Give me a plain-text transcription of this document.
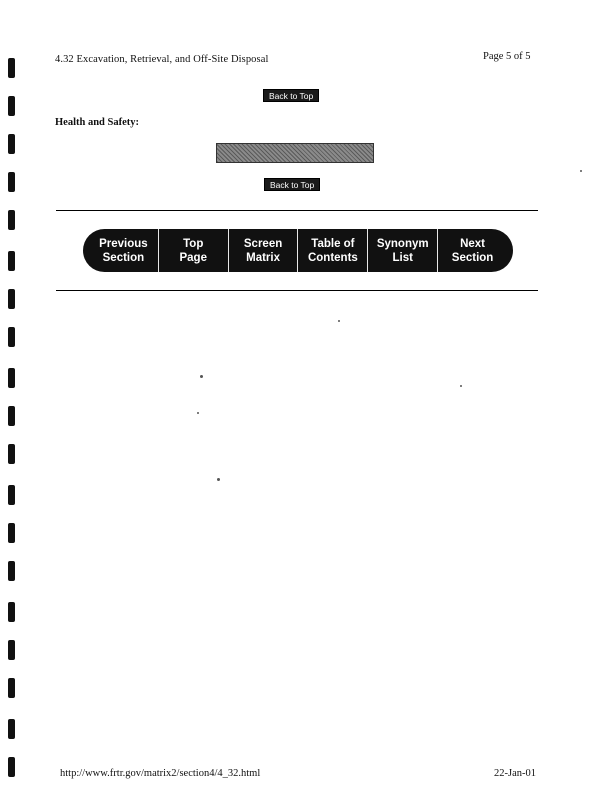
4.32 Excavation, Retrieval, and Off-Site Disposal	Page 5 of 5
Back to Top
Health and Safety:
Back to Top
Previous
Section
Top
Page
Screen
Matrix
Table of
Contents
Synonym
List
Next
Section
http://www.frtr.gov/matrix2/section4/4_32.html	22-Jan-01
